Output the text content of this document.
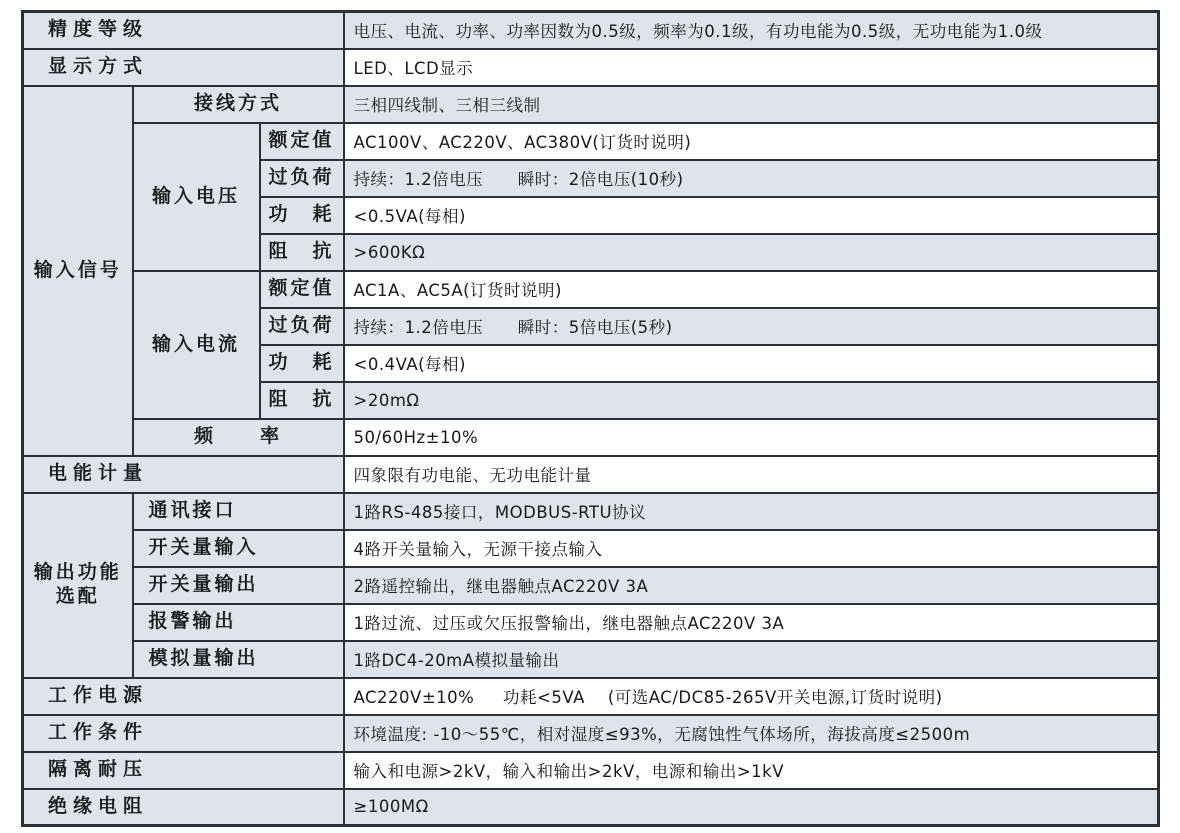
精度等级			电压、电流、功率、功率因数为0.5级，频率为0.1级，有功电能为0.5级，无功电能为1.0级
显示方式			LED、LCD显示
输入信号	接线方式		三相四线制、三相三线制
	输入电压	额定值	AC100V、AC220V、AC380V(订货时说明)
		过负荷	持续：1.2倍电压      瞬时：2倍电压(10秒)
		功　耗	<0.5VA(每相)
		阻　抗	>600KΩ
	输入电流	额定值	AC1A、AC5A(订货时说明)
		过负荷	持续：1.2倍电压      瞬时：5倍电压(5秒)
		功　耗	<0.4VA(每相)
		阻　抗	>20mΩ
	频　　率		50/60Hz±10%
电能计量			四象限有功电能、无功电能计量
输出功能选配	通讯接口		1路RS-485接口，MODBUS-RTU协议
	开关量输入		4路开关量输入，无源干接点输入
	开关量输出		2路遥控输出，继电器触点AC220V 3A
	报警输出		1路过流、过压或欠压报警输出，继电器触点AC220V 3A
	模拟量输出		1路DC4-20mA模拟量输出
工作电源			AC220V±10%     功耗<5VA    (可选AC/DC85-265V开关电源,订货时说明)
工作条件			环境温度: -10～55℃，相对湿度≤93%，无腐蚀性气体场所，海拔高度≤2500m
隔离耐压			输入和电源>2kV，输入和输出>2kV，电源和输出>1kV
绝缘电阻			≥100MΩ
